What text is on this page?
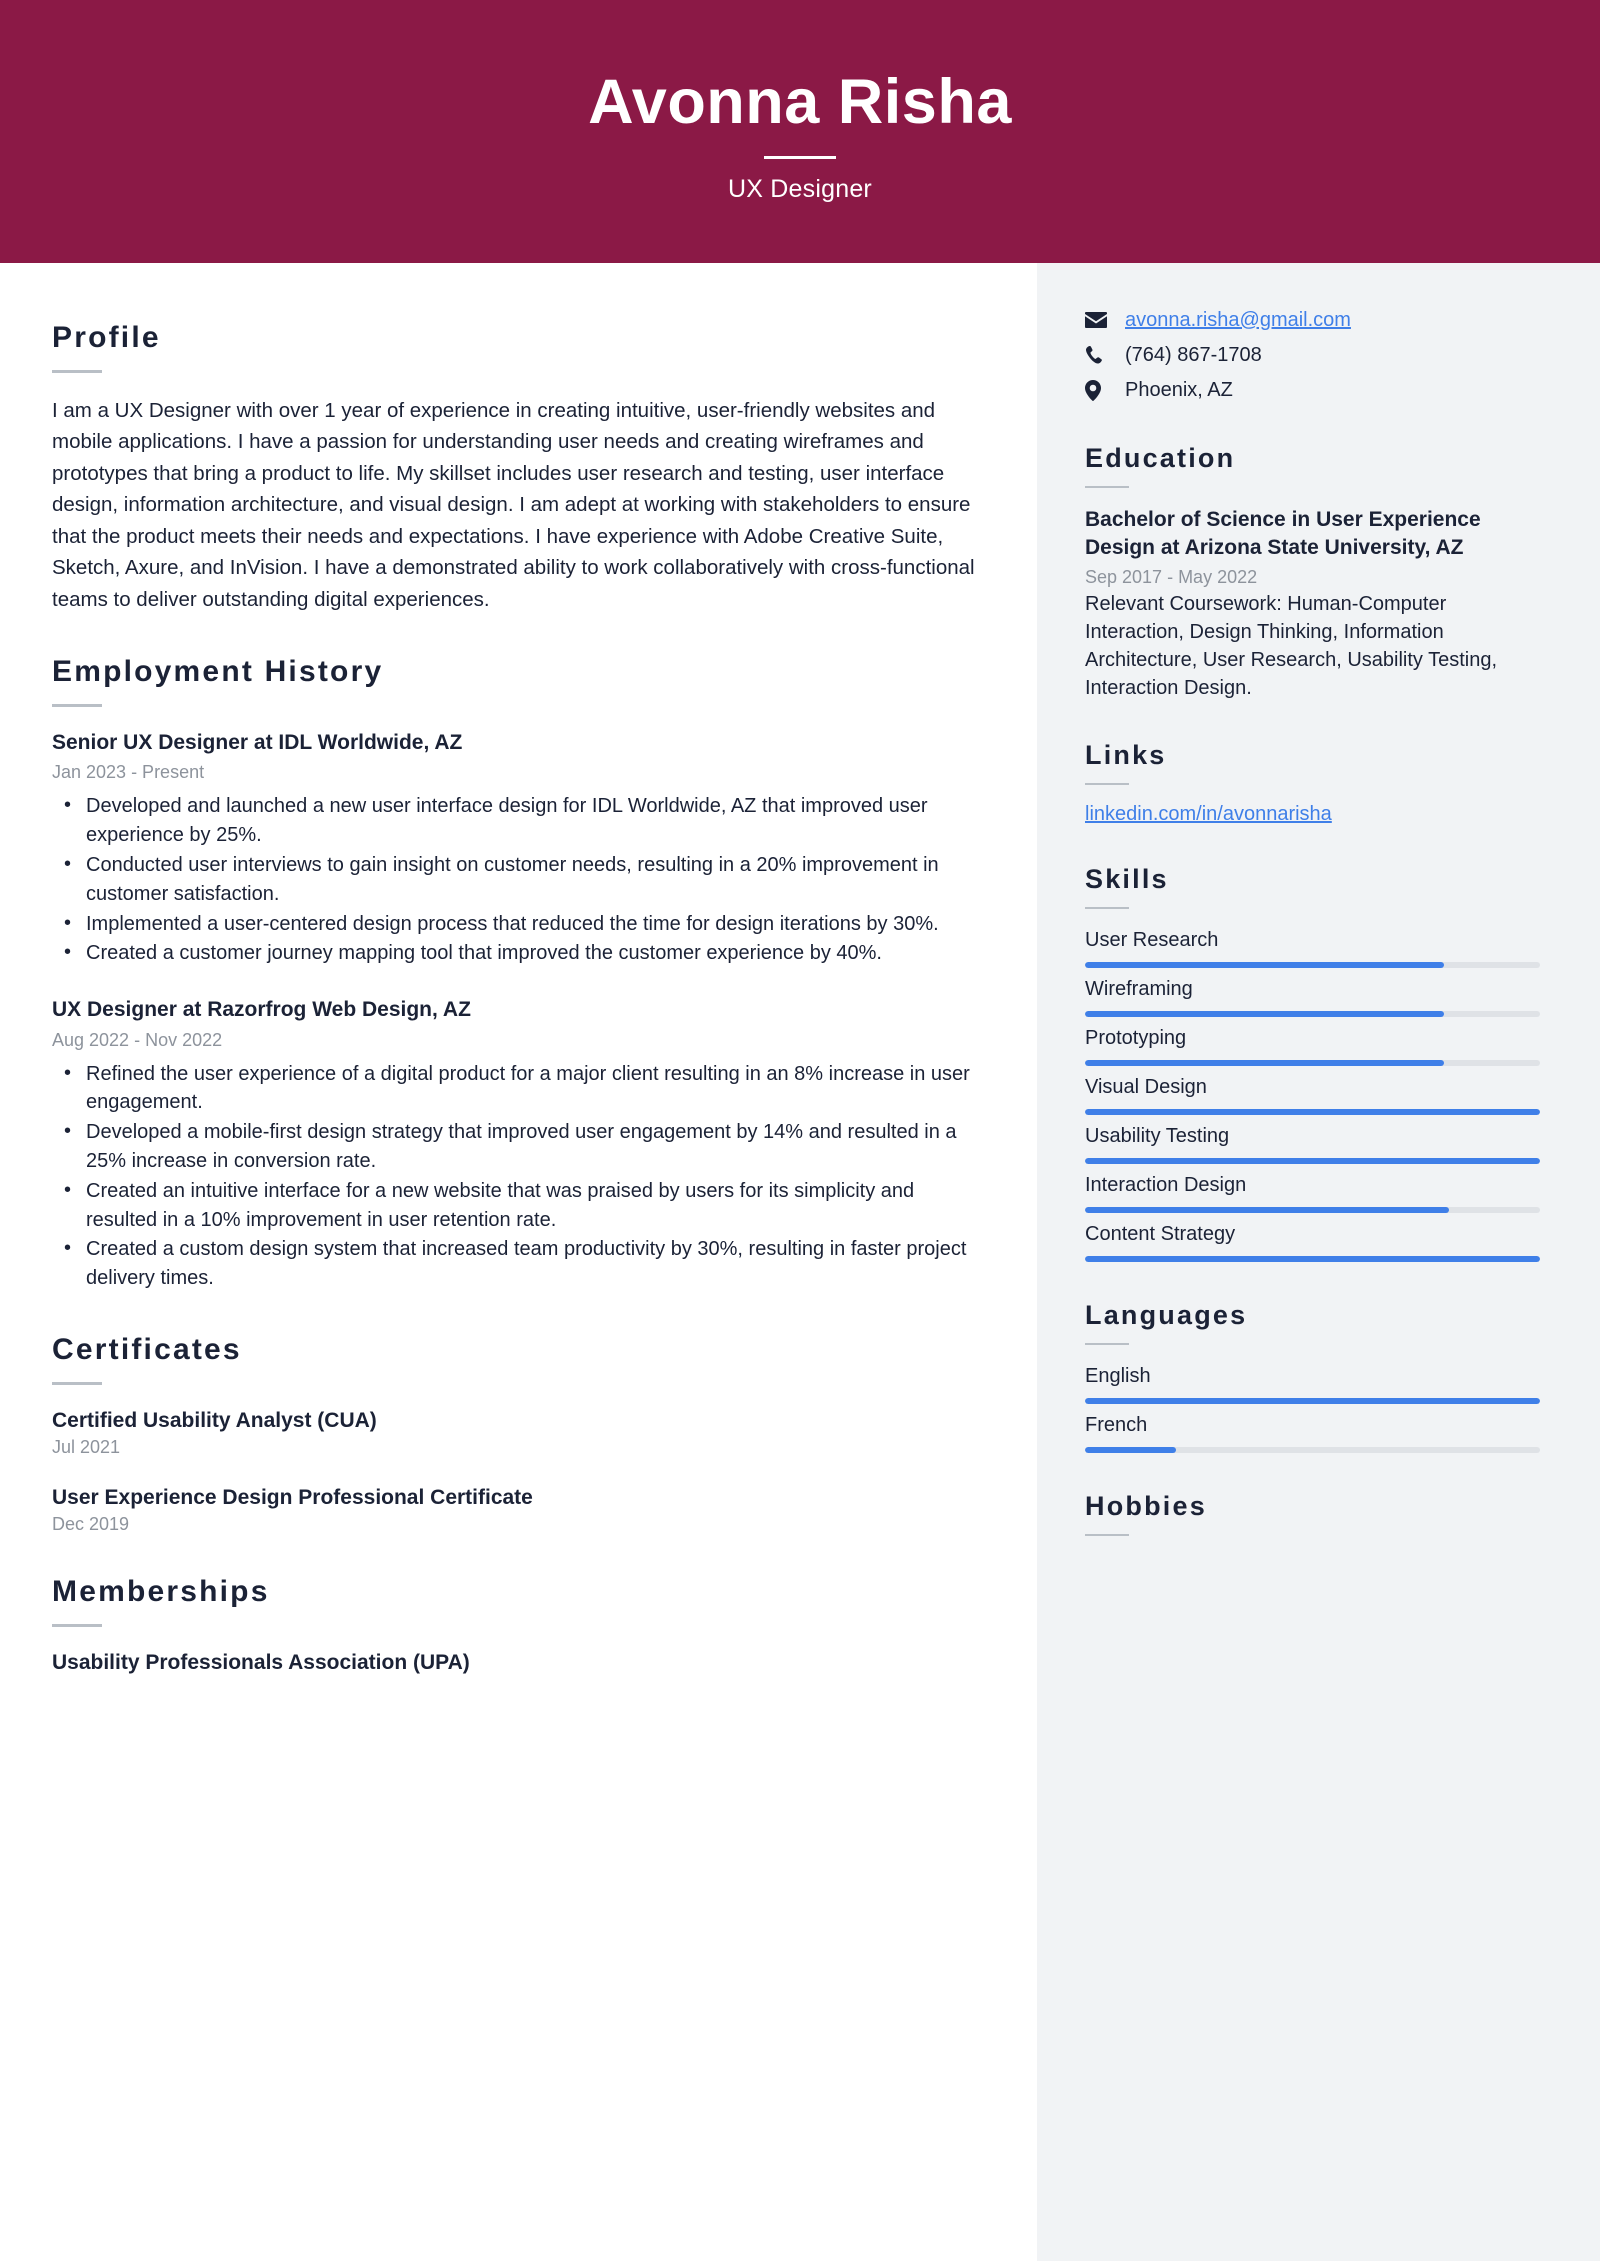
Avonna Risha
UX Designer
Profile
I am a UX Designer with over 1 year of experience in creating intuitive, user-friendly websites and mobile applications. I have a passion for understanding user needs and creating wireframes and prototypes that bring a product to life. My skillset includes user research and testing, user interface design, information architecture, and visual design. I am adept at working with stakeholders to ensure that the product meets their needs and expectations. I have experience with Adobe Creative Suite, Sketch, Axure, and InVision. I have a demonstrated ability to work collaboratively with cross-functional teams to deliver outstanding digital experiences.
Employment History
Senior UX Designer at IDL Worldwide, AZ
Jan 2023 - Present
• Developed and launched a new user interface design for IDL Worldwide, AZ that improved user experience by 25%.
• Conducted user interviews to gain insight on customer needs, resulting in a 20% improvement in customer satisfaction.
• Implemented a user-centered design process that reduced the time for design iterations by 30%.
• Created a customer journey mapping tool that improved the customer experience by 40%.
UX Designer at Razorfrog Web Design, AZ
Aug 2022 - Nov 2022
• Refined the user experience of a digital product for a major client resulting in an 8% increase in user engagement.
• Developed a mobile-first design strategy that improved user engagement by 14% and resulted in a 25% increase in conversion rate.
• Created an intuitive interface for a new website that was praised by users for its simplicity and resulted in a 10% improvement in user retention rate.
• Created a custom design system that increased team productivity by 30%, resulting in faster project delivery times.
Certificates
Certified Usability Analyst (CUA)
Jul 2021
User Experience Design Professional Certificate
Dec 2019
Memberships
Usability Professionals Association (UPA)
avonna.risha@gmail.com
(764) 867-1708
Phoenix, AZ
Education
Bachelor of Science in User Experience Design at Arizona State University, AZ
Sep 2017 - May 2022
Relevant Coursework: Human-Computer Interaction, Design Thinking, Information Architecture, User Research, Usability Testing, Interaction Design.
Links
linkedin.com/in/avonnarisha
Skills
User Research
Wireframing
Prototyping
Visual Design
Usability Testing
Interaction Design
Content Strategy
Languages
English
French
Hobbies
